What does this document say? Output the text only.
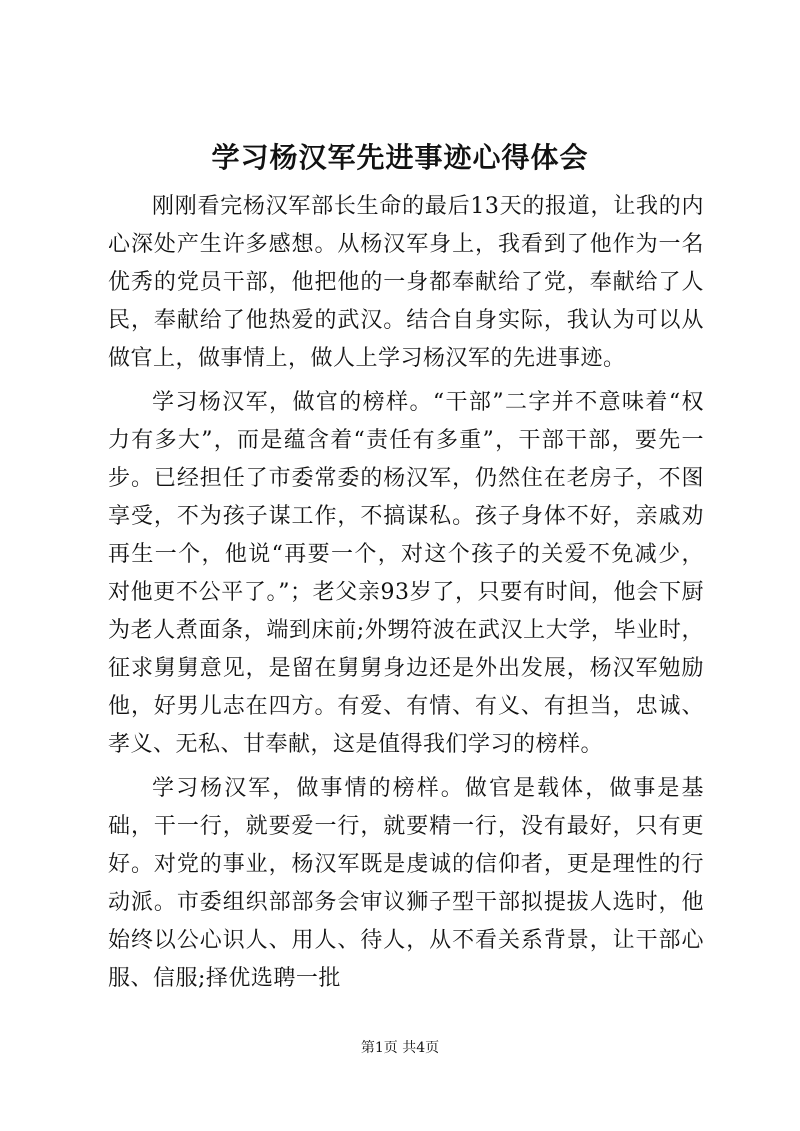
学习杨汉军先进事迹心得体会

刚刚看完杨汉军部长生命的最后13天的报道，让我的内心深处产生许多感想。从杨汉军身上，我看到了他作为一名优秀的党员干部，他把他的一身都奉献给了党，奉献给了人民，奉献给了他热爱的武汉。结合自身实际，我认为可以从做官上，做事情上，做人上学习杨汉军的先进事迹。

学习杨汉军，做官的榜样。“干部”二字并不意味着“权力有多大”，而是蕴含着“责任有多重”，干部干部，要先一步。已经担任了市委常委的杨汉军，仍然住在老房子，不图享受，不为孩子谋工作，不搞谋私。孩子身体不好，亲戚劝再生一个，他说“再要一个，对这个孩子的关爱不免减少，对他更不公平了。”；老父亲93岁了，只要有时间，他会下厨为老人煮面条，端到床前;外甥符波在武汉上大学，毕业时，征求舅舅意见，是留在舅舅身边还是外出发展，杨汉军勉励他，好男儿志在四方。有爱、有情、有义、有担当，忠诚、孝义、无私、甘奉献，这是值得我们学习的榜样。

学习杨汉军，做事情的榜样。做官是载体，做事是基础，干一行，就要爱一行，就要精一行，没有最好，只有更好。对党的事业，杨汉军既是虔诚的信仰者，更是理性的行动派。市委组织部部务会审议狮子型干部拟提拔人选时，他始终以公心识人、用人、待人，从不看关系背景，让干部心服、信服;择优选聘一批

第1页 共4页
